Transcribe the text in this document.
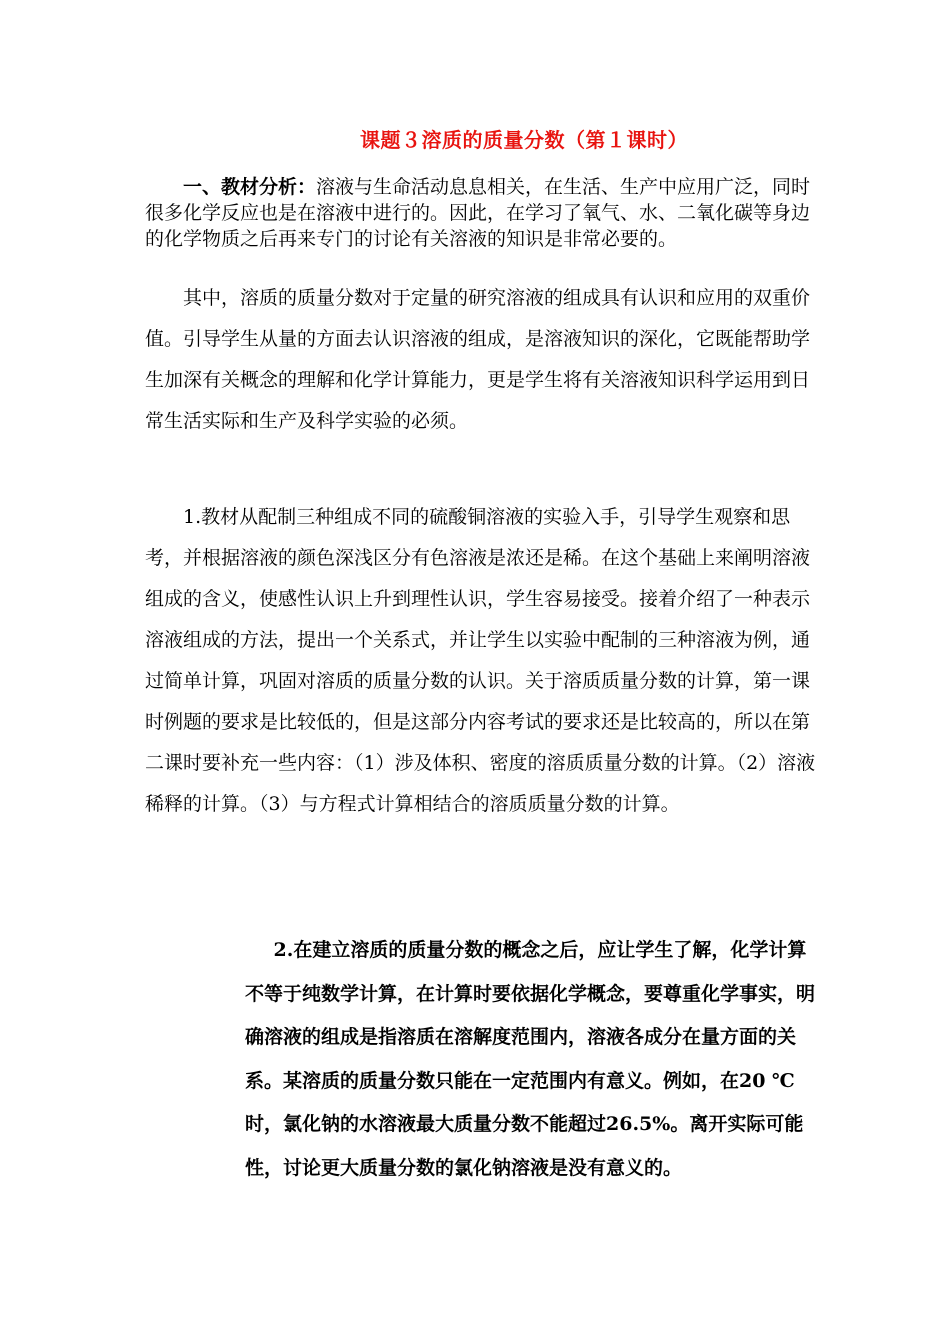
课题３溶质的质量分数（第１课时）

一、教材分析：溶液与生命活动息息相关，在生活、生产中应用广泛，同时很多化学反应也是在溶液中进行的。因此，在学习了氧气、水、二氧化碳等身边的化学物质之后再来专门的讨论有关溶液的知识是非常必要的。

其中，溶质的质量分数对于定量的研究溶液的组成具有认识和应用的双重价值。引导学生从量的方面去认识溶液的组成，是溶液知识的深化，它既能帮助学生加深有关概念的理解和化学计算能力，更是学生将有关溶液知识科学运用到日常生活实际和生产及科学实验的必须。
1.教材从配制三种组成不同的硫酸铜溶液的实验入手，引导学生观察和思考，并根据溶液的颜色深浅区分有色溶液是浓还是稀。在这个基础上来阐明溶液组成的含义，使感性认识上升到理性认识，学生容易接受。接着介绍了一种表示溶液组成的方法，提出一个关系式，并让学生以实验中配制的三种溶液为例，通过简单计算，巩固对溶质的质量分数的认识。关于溶质质量分数的计算，第一课时例题的要求是比较低的，但是这部分内容考试的要求还是比较高的，所以在第二课时要补充一些内容：（1）涉及体积、密度的溶质质量分数的计算。（2）溶液稀释的计算。（3）与方程式计算相结合的溶质质量分数的计算。
2.在建立溶质的质量分数的概念之后，应让学生了解，化学计算不等于纯数学计算，在计算时要依据化学概念，要尊重化学事实，明确溶液的组成是指溶质在溶解度范围内，溶液各成分在量方面的关系。某溶质的质量分数只能在一定范围内有意义。例如，在20 ℃时，氯化钠的水溶液最大质量分数不能超过26.5%。离开实际可能性，讨论更大质量分数的氯化钠溶液是没有意义的。
